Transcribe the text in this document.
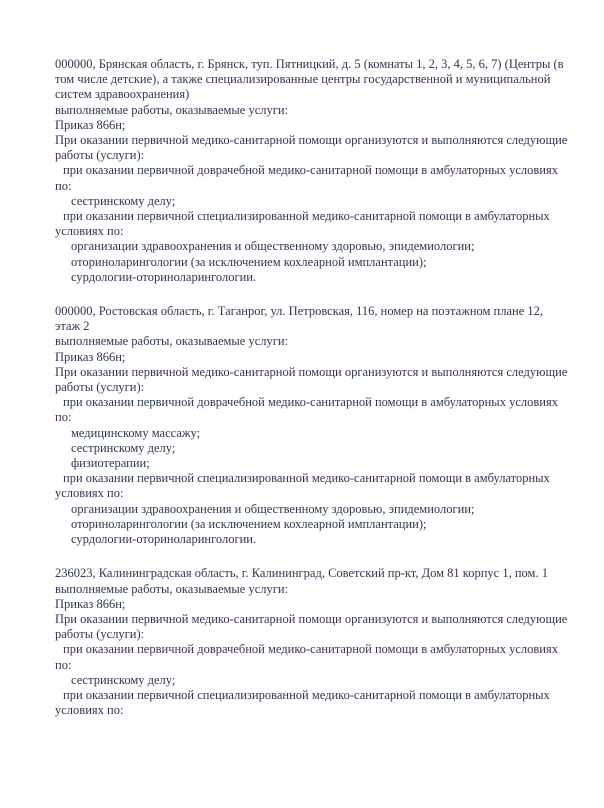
000000, Брянская область, г. Брянск, туп. Пятницкий, д. 5 (комнаты 1, 2, 3, 4, 5, 6, 7) (Центры (в
том числе детские), а также специализированные центры государственной и муниципальной
систем здравоохранения)
выполняемые работы, оказываемые услуги:
Приказ 866н;
При оказании первичной медико-санитарной помощи организуются и выполняются следующие
работы (услуги):
при оказании первичной доврачебной медико-санитарной помощи в амбулаторных условиях
по:
сестринскому делу;
при оказании первичной специализированной медико-санитарной помощи в амбулаторных
условиях по:
организации здравоохранения и общественному здоровью, эпидемиологии;
оториноларингологии (за исключением кохлеарной имплантации);
сурдологии-оториноларингологии.
000000, Ростовская область, г. Таганрог, ул. Петровская, 116, номер на поэтажном плане 12,
этаж 2
выполняемые работы, оказываемые услуги:
Приказ 866н;
При оказании первичной медико-санитарной помощи организуются и выполняются следующие
работы (услуги):
при оказании первичной доврачебной медико-санитарной помощи в амбулаторных условиях
по:
медицинскому массажу;
сестринскому делу;
физиотерапии;
при оказании первичной специализированной медико-санитарной помощи в амбулаторных
условиях по:
организации здравоохранения и общественному здоровью, эпидемиологии;
оториноларингологии (за исключением кохлеарной имплантации);
сурдологии-оториноларингологии.
236023, Калининградская область, г. Калининград, Советский пр-кт, Дом 81 корпус 1, пом. 1
выполняемые работы, оказываемые услуги:
Приказ 866н;
При оказании первичной медико-санитарной помощи организуются и выполняются следующие
работы (услуги):
при оказании первичной доврачебной медико-санитарной помощи в амбулаторных условиях
по:
сестринскому делу;
при оказании первичной специализированной медико-санитарной помощи в амбулаторных
условиях по:
